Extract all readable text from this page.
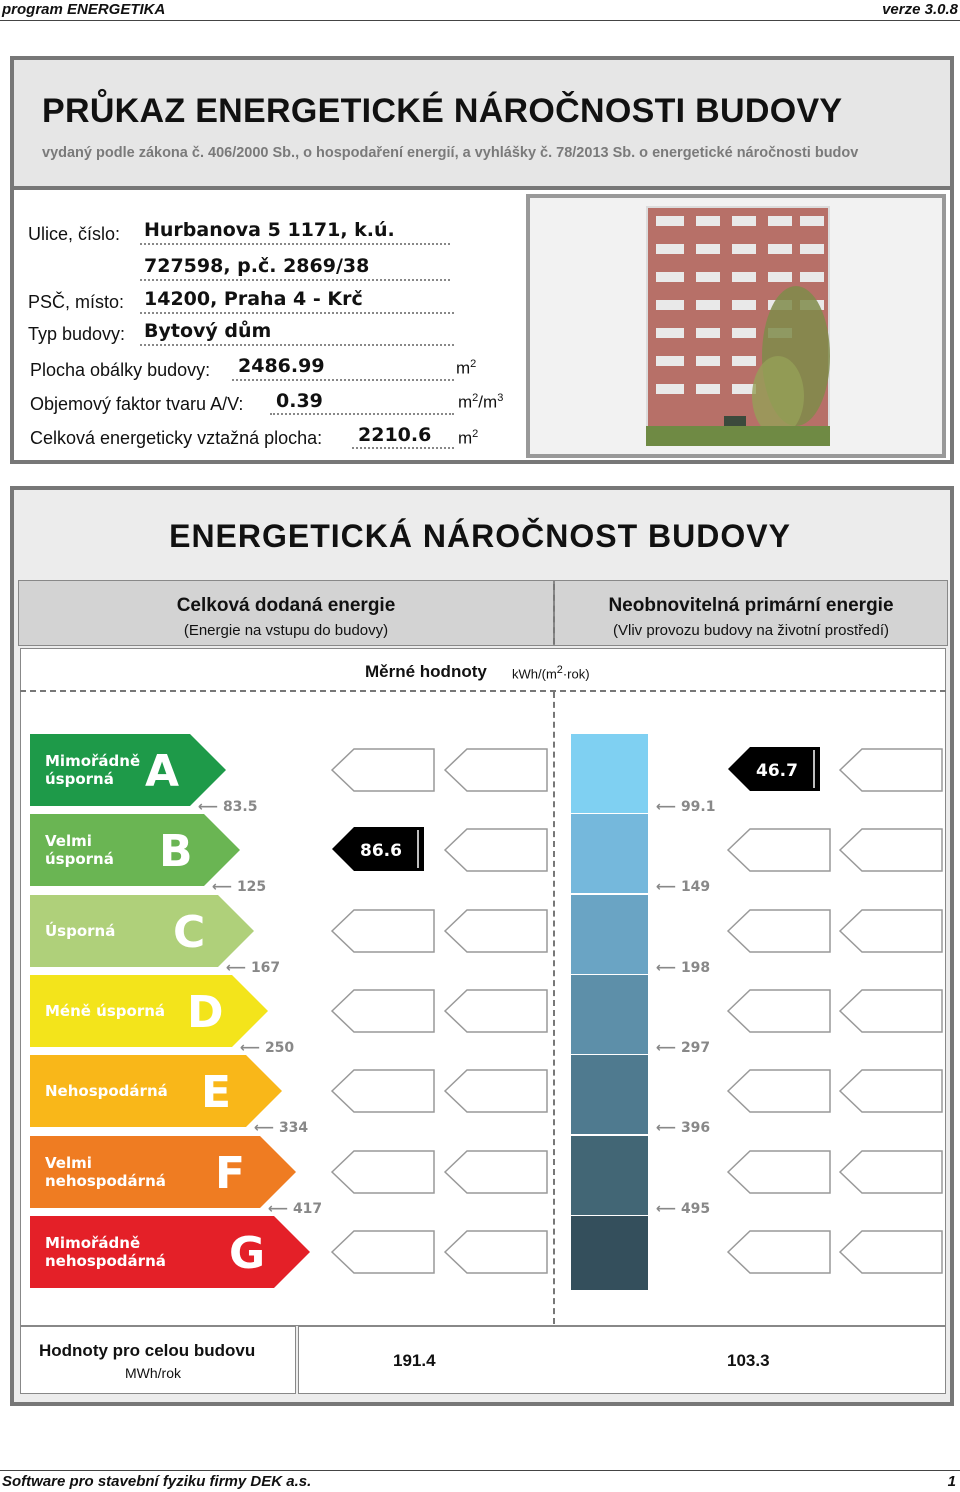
program ENERGETIKA	verze 3.0.8
PRŮKAZ ENERGETICKÉ NÁROČNOSTI BUDOVY
vydaný podle zákona č. 406/2000 Sb., o hospodaření energií, a vyhlášky č. 78/2013 Sb. o energetické náročnosti budov
Ulice, číslo: Hurbanova 5 1171, k.ú.
727598, p.č. 2869/38
PSČ, místo: 14200, Praha 4 - Krč
Typ budovy: Bytový dům
Plocha obálky budovy: 2486.99	$m^2$
Objemový faktor tvaru A/V: 0.39	$m^2/m^3$
Celková energeticky vztažná plocha: 2210.6 $m^2$
ENERGETICKÁ NÁROČNOST BUDOVY
Celková dodaná energie
(Energie na vstupu do budovy)
Neobnovitelná primární energie
(Vliv provozu budovy na životní prostředí)
Měrné hodnoty kWh/$(m^2\cdot rok)$
Mimořádně
úsporná A	46.7
⟵ 83.5	⟵ 99.1
Velmi
úsporná B	86.6
⟵ 125	⟵ 149
Úsporná C
⟵ 167	⟵ 198
Méně úsporná D
⟵ 250	⟵ 297
Nehospodárná E
⟵ 334	⟵ 396
Velmi
nehospodárná F
⟵ 417	⟵ 495
Mimořádně
nehospodárná G
Hodnoty pro celou budovu
MWh/rok
191.4	103.3
Software pro stavební fyziku firmy DEK a.s.	1
